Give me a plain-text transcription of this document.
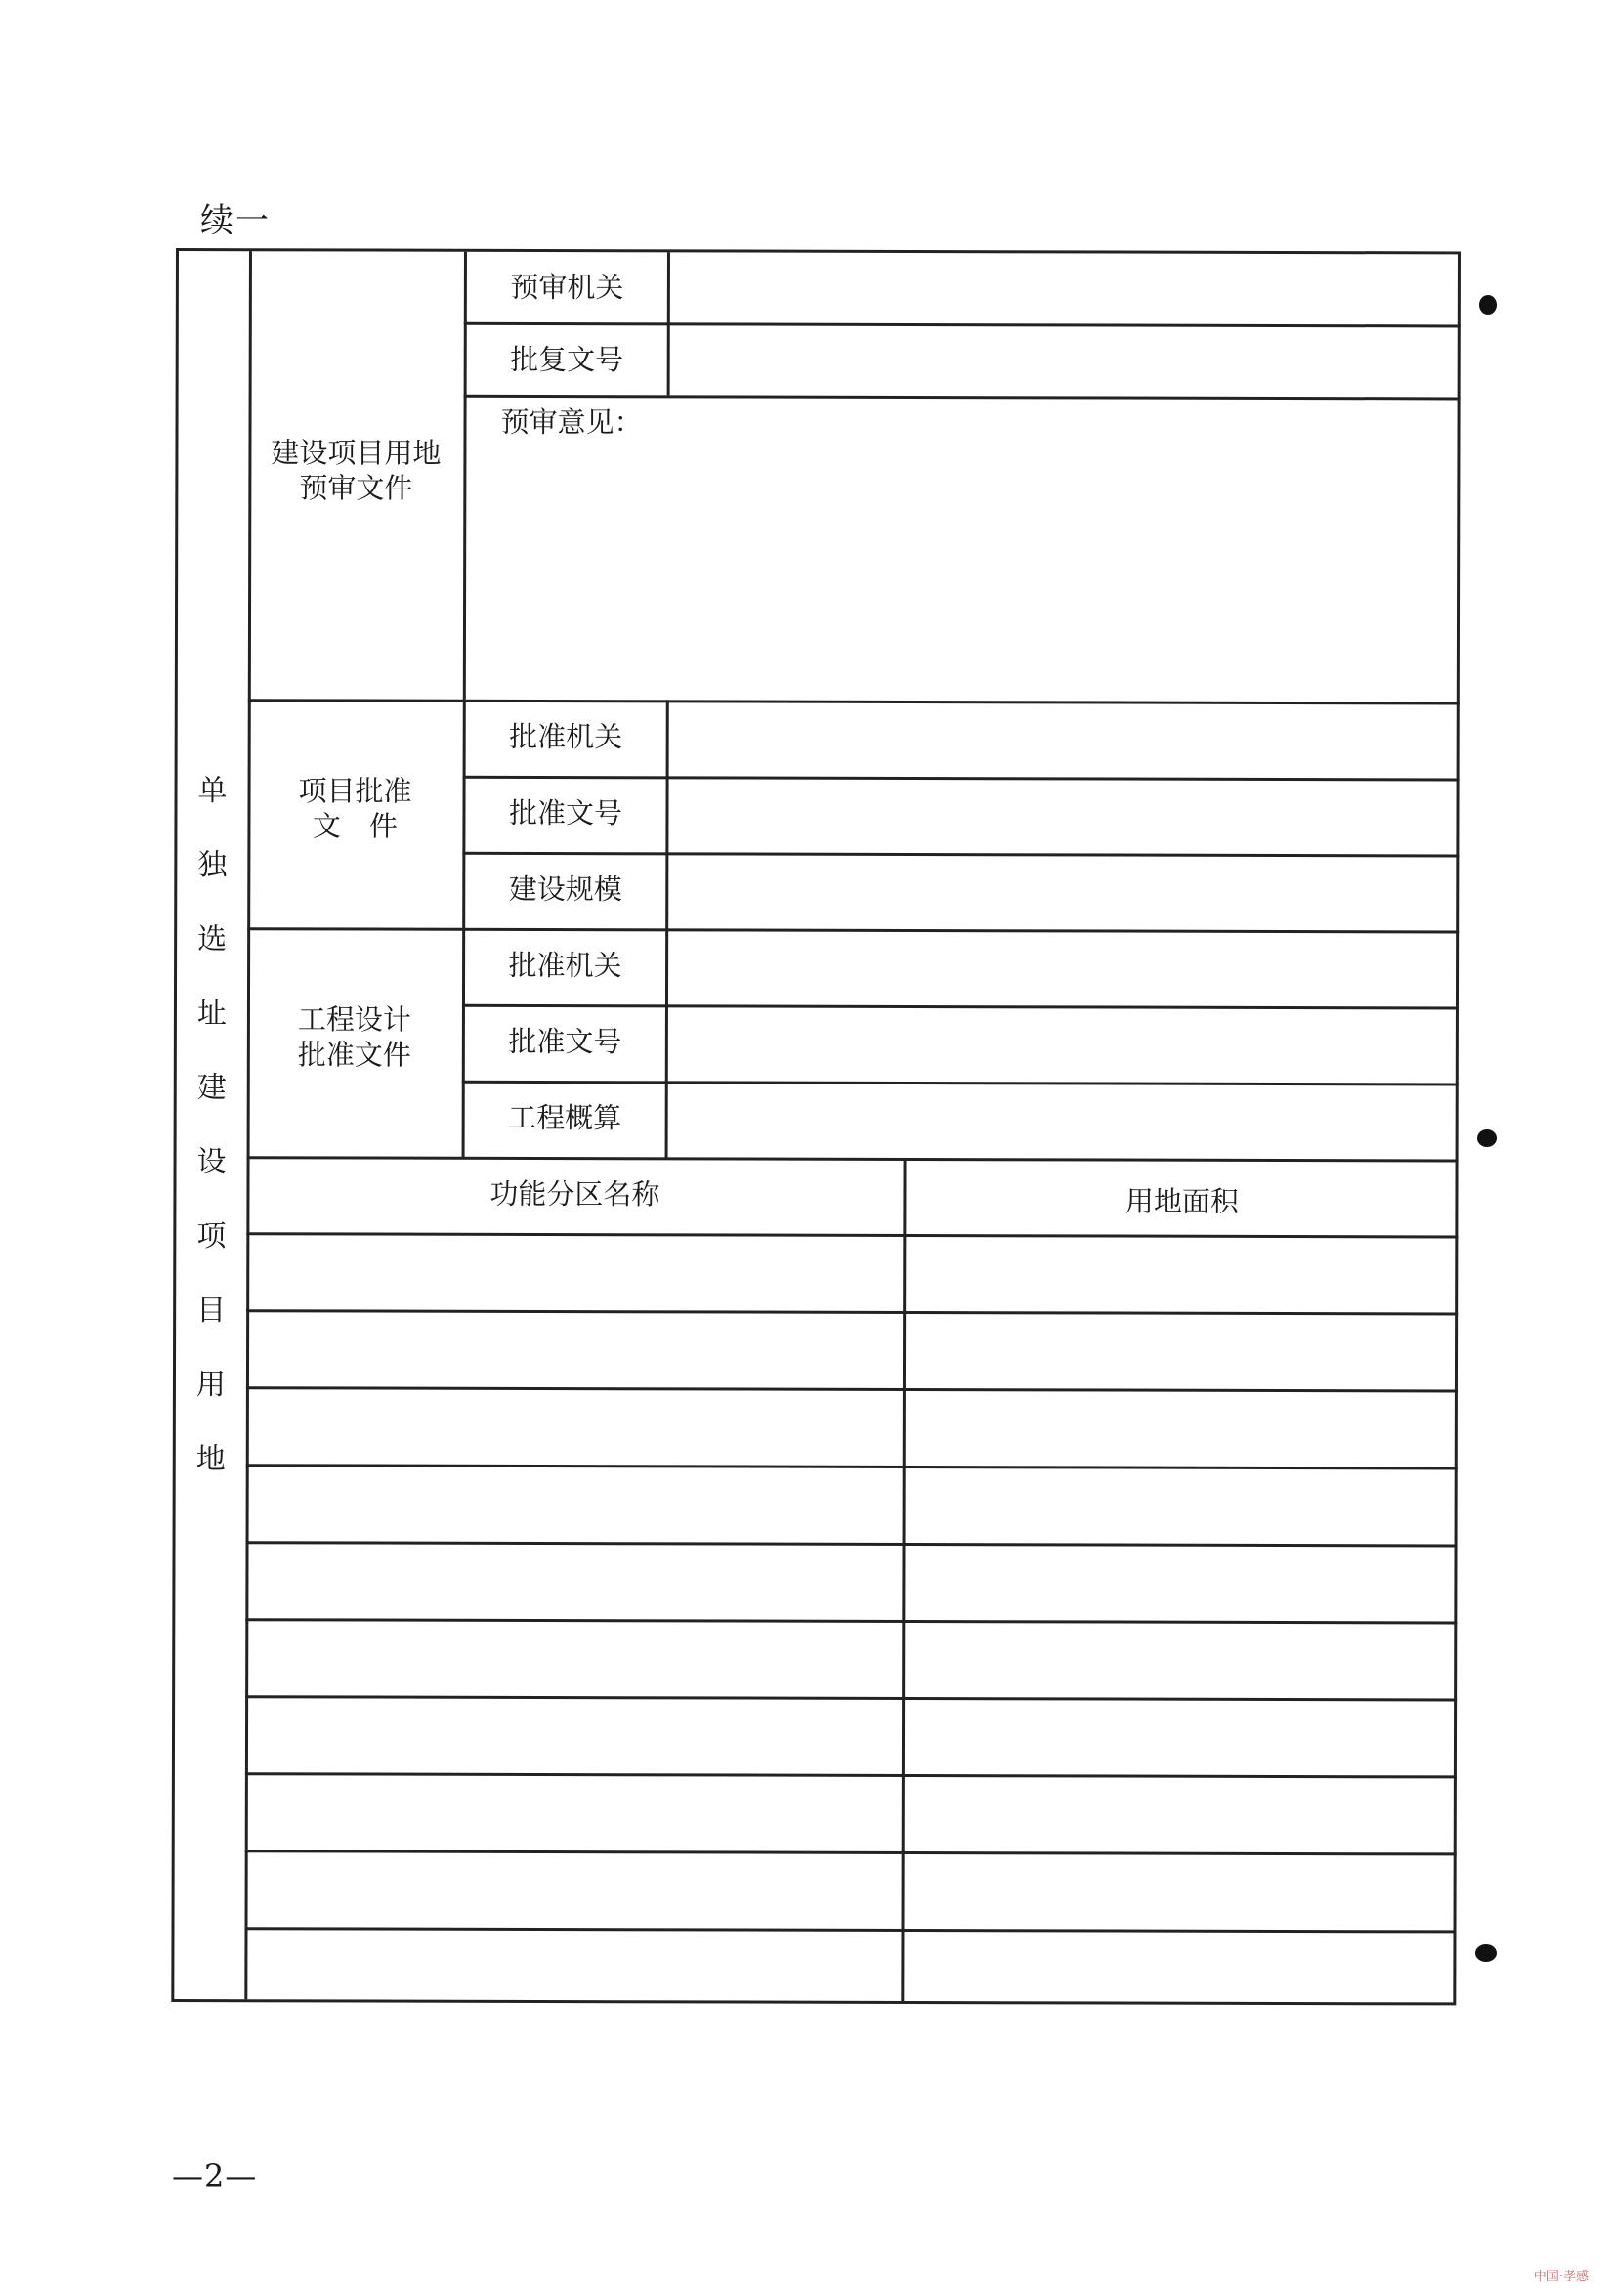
续一
单
独
选
址
建
设
项
目
用
地
建设项目用地
预审文件
预审机关
批复文号
预审意见：
项目批准
文　件
批准机关
批准文号
建设规模
工程设计
批准文件
批准机关
批准文号
工程概算
功能分区名称	用地面积
—2—
中国·孝感
